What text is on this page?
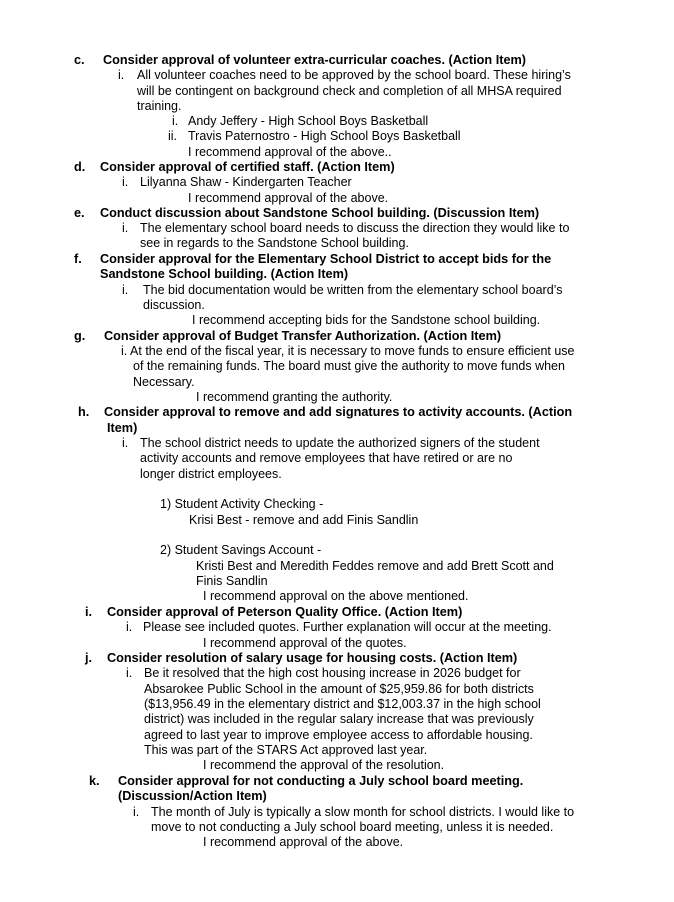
c. Consider approval of volunteer extra-curricular coaches. (Action Item)
i. All volunteer coaches need to be approved by the school board. These hiring’s
will be contingent on background check and completion of all MHSA required
training.
i. Andy Jeffery - High School Boys Basketball
ii. Travis Paternostro - High School Boys Basketball
I recommend approval of the above..
d. Consider approval of certified staff. (Action Item)
i. Lilyanna Shaw - Kindergarten Teacher
I recommend approval of the above.
e. Conduct discussion about Sandstone School building. (Discussion Item)
i. The elementary school board needs to discuss the direction they would like to
see in regards to the Sandstone School building.
f. Consider approval for the Elementary School District to accept bids for the
Sandstone School building. (Action Item)
i. The bid documentation would be written from the elementary school board’s
discussion.
I recommend accepting bids for the Sandstone school building.
g. Consider approval of Budget Transfer Authorization. (Action Item)
i. At the end of the fiscal year, it is necessary to move funds to ensure efficient use
of the remaining funds. The board must give the authority to move funds when
Necessary.
I recommend granting the authority.
h. Consider approval to remove and add signatures to activity accounts. (Action
Item)
i. The school district needs to update the authorized signers of the student
activity accounts and remove employees that have retired or are no
longer district employees.
1) Student Activity Checking -
Krisi Best - remove and add Finis Sandlin
2) Student Savings Account -
Kristi Best and Meredith Feddes remove and add Brett Scott and
Finis Sandlin
I recommend approval on the above mentioned.
i. Consider approval of Peterson Quality Office. (Action Item)
i. Please see included quotes. Further explanation will occur at the meeting.
I recommend approval of the quotes.
j. Consider resolution of salary usage for housing costs. (Action Item)
i. Be it resolved that the high cost housing increase in 2026 budget for
Absarokee Public School in the amount of $25,959.86 for both districts
($13,956.49 in the elementary district and $12,003.37 in the high school
district) was included in the regular salary increase that was previously
agreed to last year to improve employee access to affordable housing.
This was part of the STARS Act approved last year.
I recommend the approval of the resolution.
k. Consider approval for not conducting a July school board meeting.
(Discussion/Action Item)
i. The month of July is typically a slow month for school districts. I would like to
move to not conducting a July school board meeting, unless it is needed.
I recommend approval of the above.
